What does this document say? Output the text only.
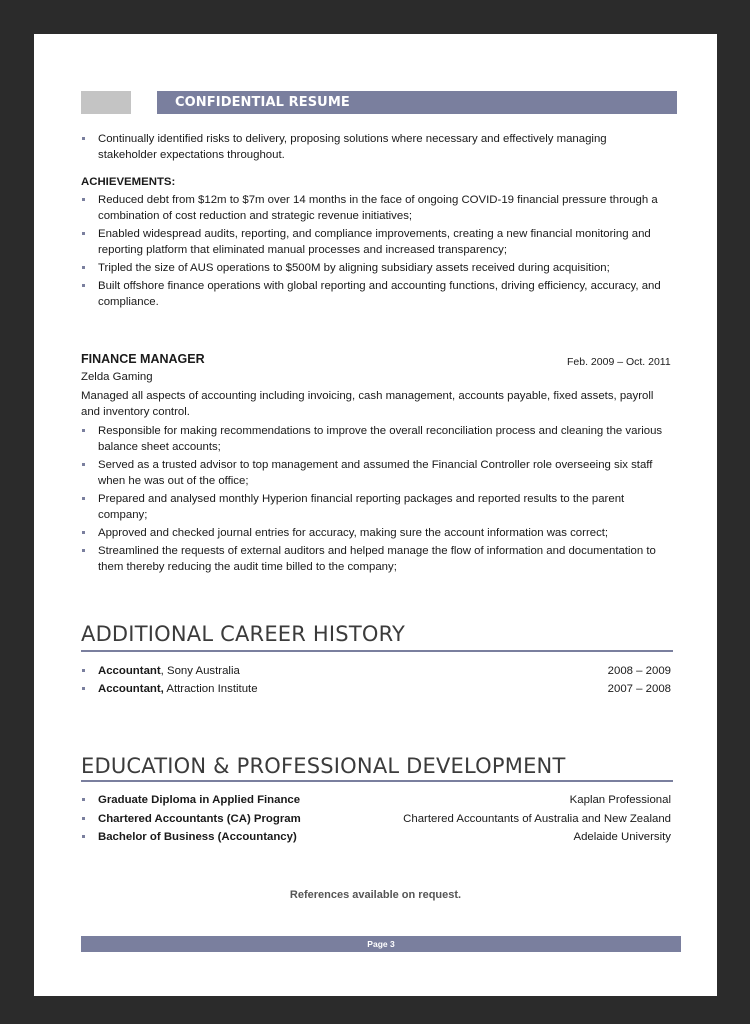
CONFIDENTIAL RESUME
Continually identified risks to delivery, proposing solutions where necessary and effectively managing stakeholder expectations throughout.
ACHIEVEMENTS:
Reduced debt from $12m to $7m over 14 months in the face of ongoing COVID-19 financial pressure through a combination of cost reduction and strategic revenue initiatives;
Enabled widespread audits, reporting, and compliance improvements, creating a new financial monitoring and reporting platform that eliminated manual processes and increased transparency;
Tripled the size of AUS operations to $500M by aligning subsidiary assets received during acquisition;
Built offshore finance operations with global reporting and accounting functions, driving efficiency, accuracy, and compliance.
FINANCE MANAGER	Feb. 2009 – Oct. 2011
Zelda Gaming
Managed all aspects of accounting including invoicing, cash management, accounts payable, fixed assets, payroll and inventory control.
Responsible for making recommendations to improve the overall reconciliation process and cleaning the various balance sheet accounts;
Served as a trusted advisor to top management and assumed the Financial Controller role overseeing six staff when he was out of the office;
Prepared and analysed monthly Hyperion financial reporting packages and reported results to the parent company;
Approved and checked journal entries for accuracy, making sure the account information was correct;
Streamlined the requests of external auditors and helped manage the flow of information and documentation to them thereby reducing the audit time billed to the company;
ADDITIONAL CAREER HISTORY
Accountant, Sony Australia	2008 – 2009
Accountant, Attraction Institute	2007 – 2008
EDUCATION & PROFESSIONAL DEVELOPMENT
Graduate Diploma in Applied Finance	Kaplan Professional
Chartered Accountants (CA) Program	Chartered Accountants of Australia and New Zealand
Bachelor of Business (Accountancy)	Adelaide University
References available on request.
Page 3
